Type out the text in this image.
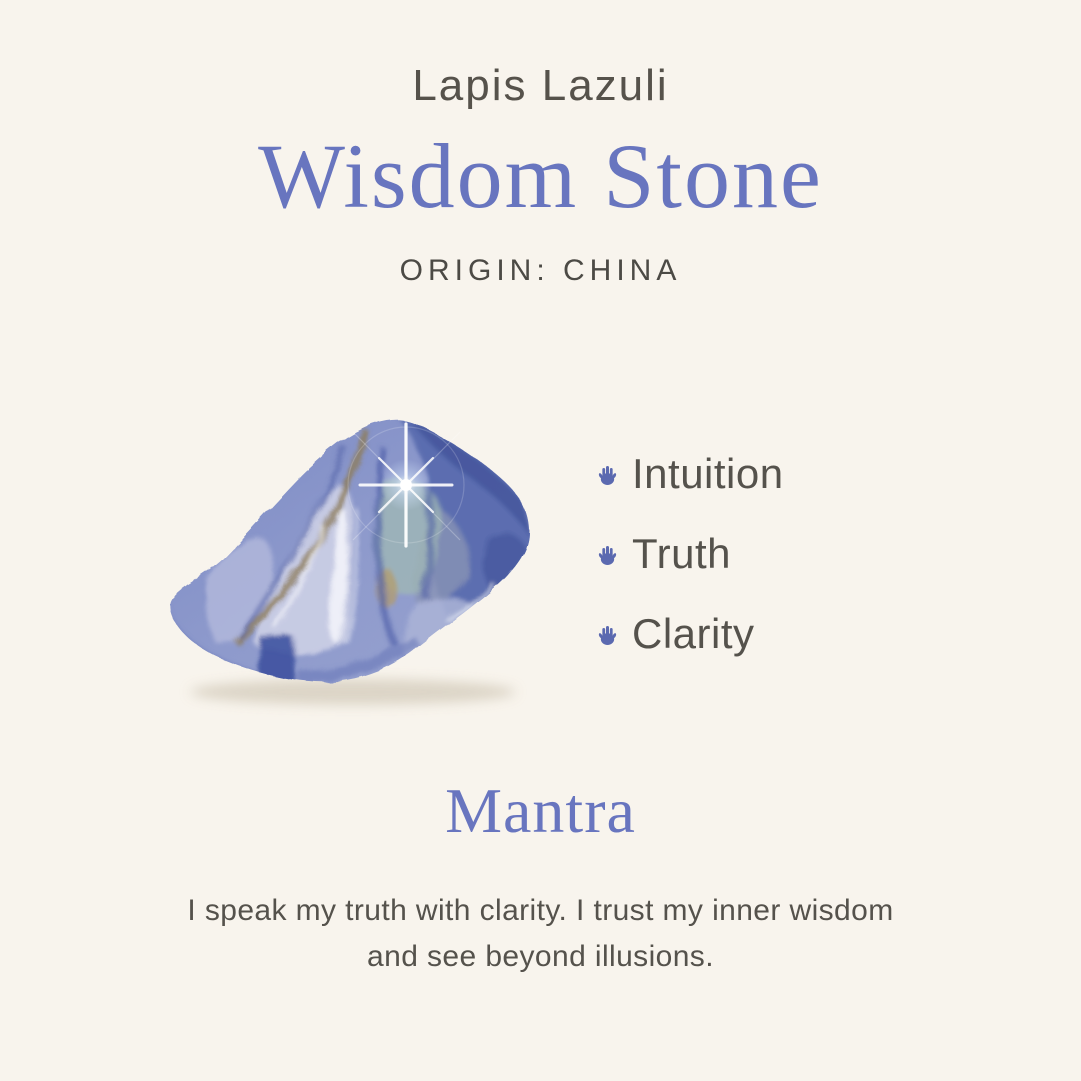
Lapis Lazuli
Wisdom Stone
ORIGIN: CHINA
Intuition
Truth
Clarity
Mantra

I speak my truth with clarity. I trust my inner wisdom
and see beyond illusions.
